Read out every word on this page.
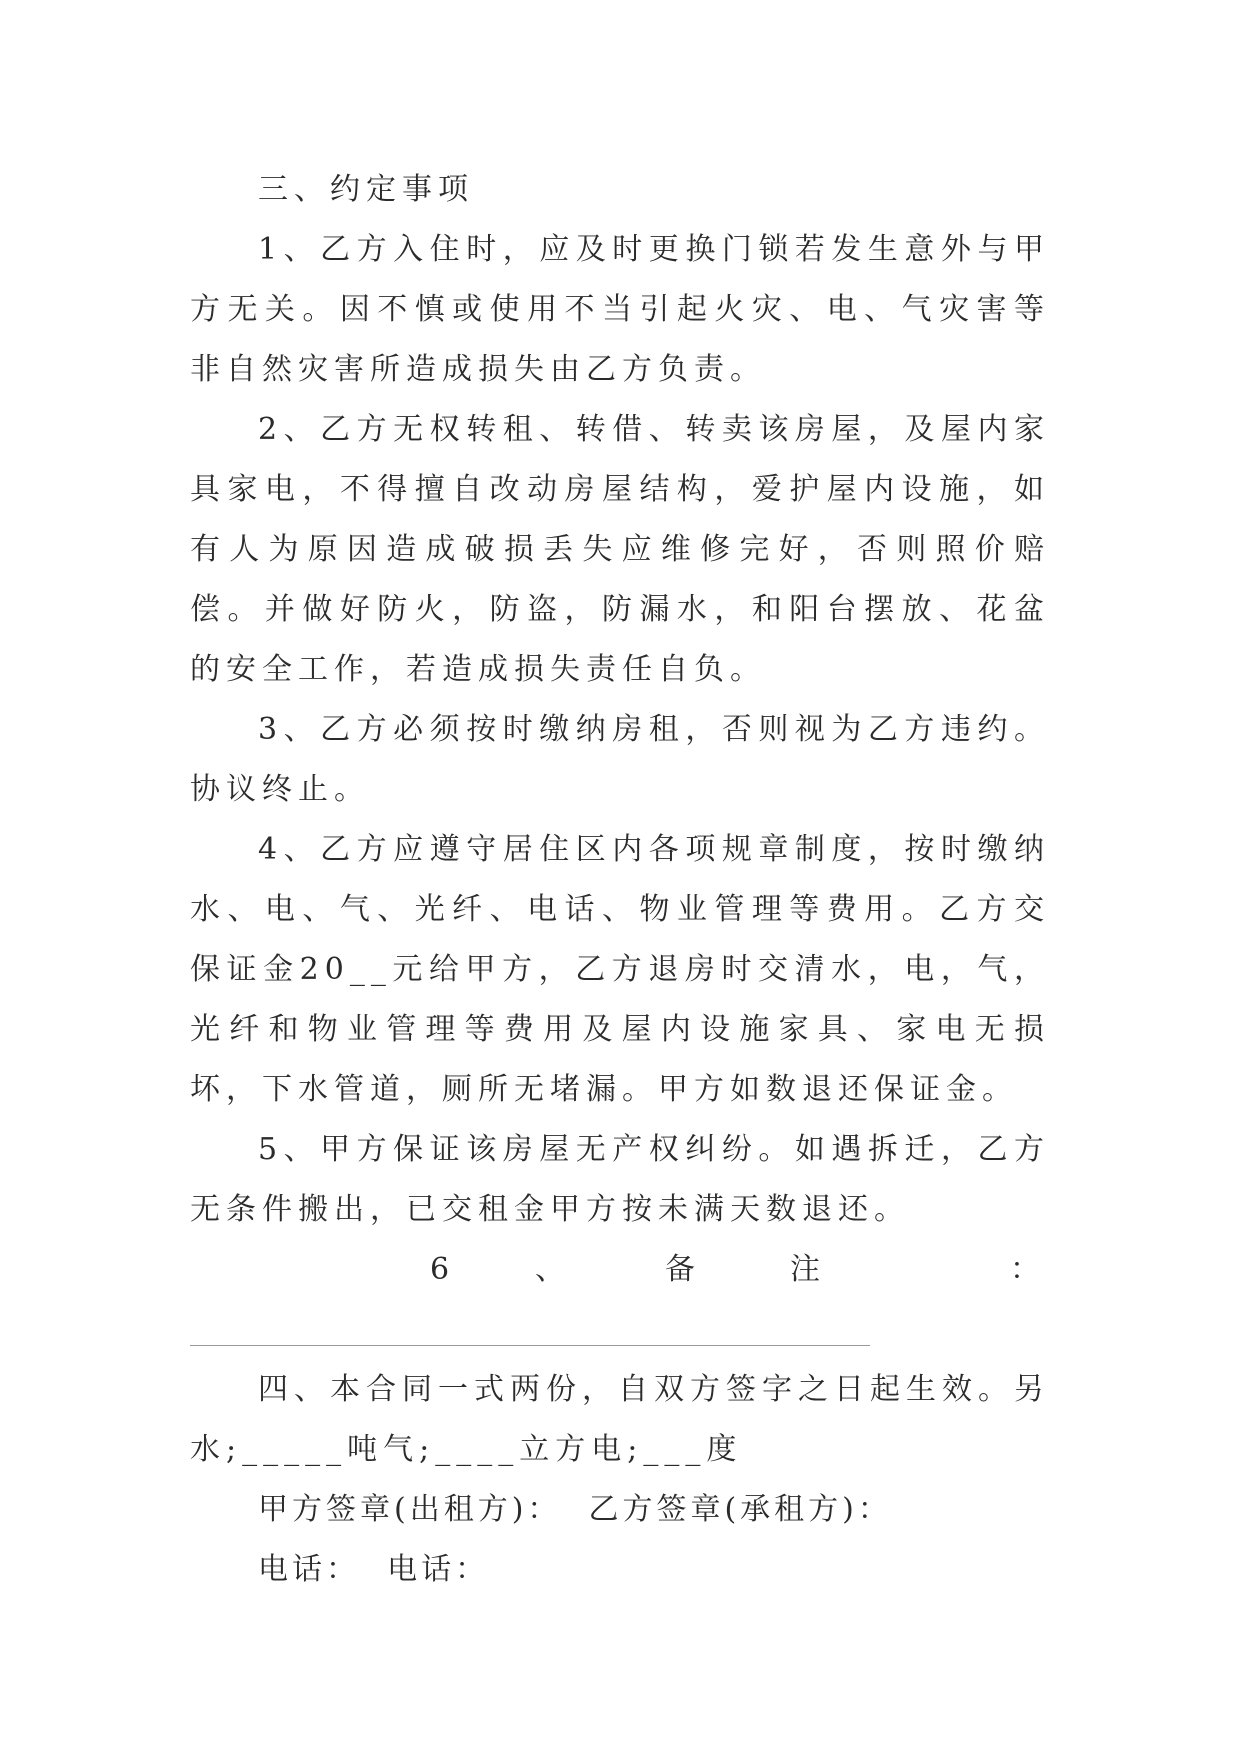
三、约定事项

1、乙方入住时，应及时更换门锁若发生意外与甲方无关。因不慎或使用不当引起火灾、电、气灾害等非自然灾害所造成损失由乙方负责。

2、乙方无权转租、转借、转卖该房屋，及屋内家具家电，不得擅自改动房屋结构，爱护屋内设施，如有人为原因造成破损丢失应维修完好，否则照价赔偿。并做好防火，防盗，防漏水，和阳台摆放、花盆的安全工作，若造成损失责任自负。

3、乙方必须按时缴纳房租，否则视为乙方违约。协议终止。

4、乙方应遵守居住区内各项规章制度，按时缴纳水、电、气、光纤、电话、物业管理等费用。乙方交保证金20__元给甲方，乙方退房时交清水，电，气，光纤和物业管理等费用及屋内设施家具、家电无损坏，下水管道，厕所无堵漏。甲方如数退还保证金。

5、甲方保证该房屋无产权纠纷。如遇拆迁，乙方无条件搬出，已交租金甲方按未满天数退还。

6	、	备	注	：

四、本合同一式两份，自双方签字之日起生效。另水;_____吨气;____立方电;___度

甲方签章(出租方)：  乙方签章(承租方)：

电话：  电话：
